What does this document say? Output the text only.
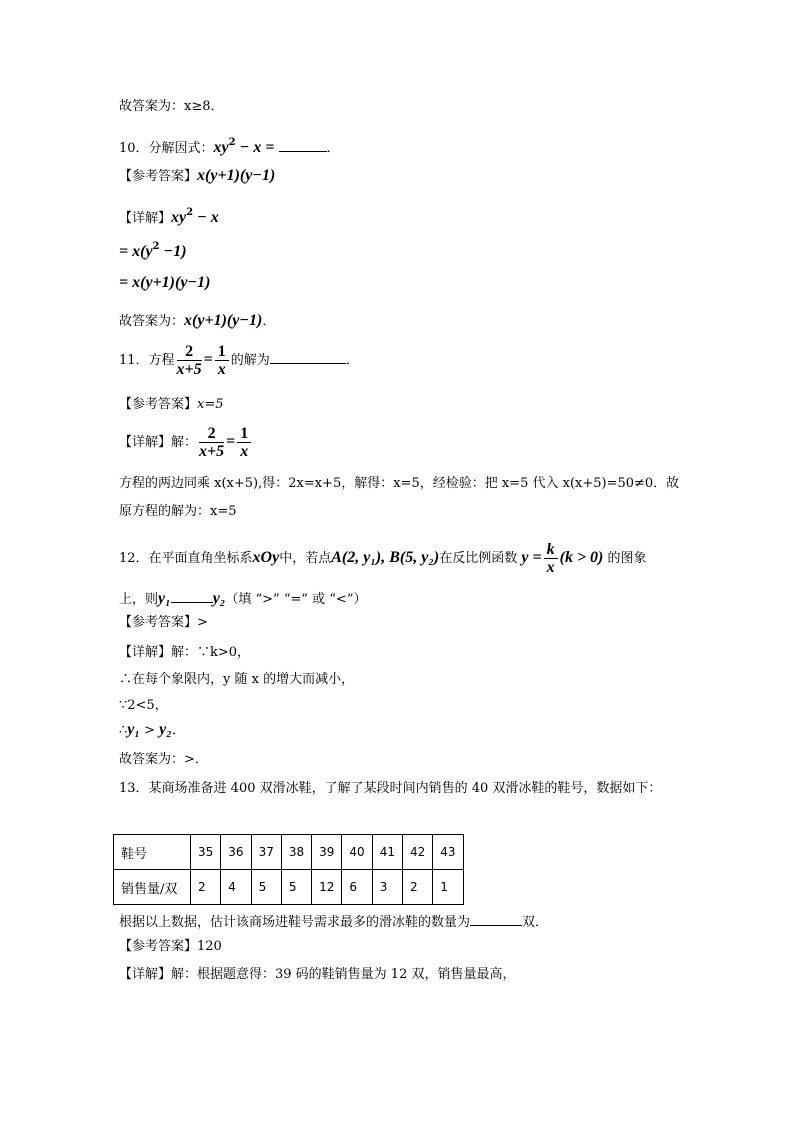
故答案为：x≥8．
10．分解因式：$xy^2 - x$ =	．
【参考答案】x(y+1)(y−1)
【详解】$xy^2 - x$
= $x(y^2 -1)$
= x(y+1)(y−1)
故答案为：x(y+1)(y−1)．
11．方程 $\frac{2}{x+5} = \frac{1}{x}$ 的解为	．
【参考答案】x=5
【详解】解： $\frac{2}{x+5} = \frac{1}{x}$
方程的两边同乘 x(x+5),得：2x=x+5，解得：x=5，经检验：把 x=5 代入 x(x+5)=50≠0．故
原方程的解为：x=5
12．在平面直角坐标系xOy中，若点A(2, y₁), B(5, y₂)在反比例函数 $y = \frac{k}{x} (k > 0)$ 的图象
上，则y₁	y₂（填 “>” “=” 或 “<”）
【参考答案】>
【详解】解：∵k>0，
∴在每个象限内，y 随 x 的增大而减小，
∵2<5，
∴y₁ > y₂．
故答案为：>．
13．某商场准备进 400 双滑冰鞋，了解了某段时间内销售的 40 双滑冰鞋的鞋号，数据如下：
鞋号	35	36	37	38	39	40	41	42	43
销售量/双	2	4	5	5	12	6	3	2	1
根据以上数据，估计该商场进鞋号需求最多的滑冰鞋的数量为	双．
【参考答案】120
【详解】解：根据题意得：39 码的鞋销售量为 12 双，销售量最高，
